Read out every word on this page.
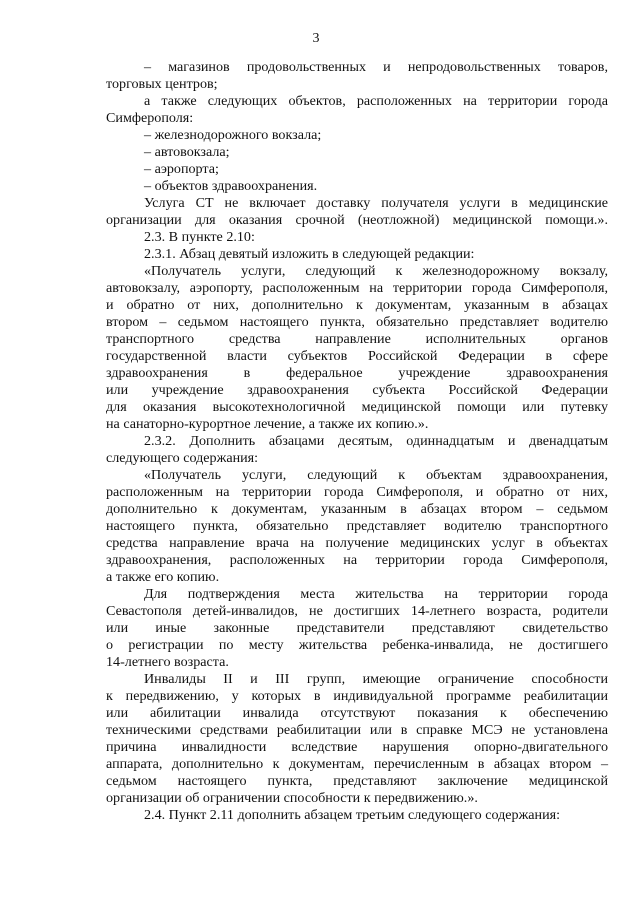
3
– магазинов продовольственных и непродовольственных товаров,
торговых центров;
а также следующих объектов, расположенных на территории города
Симферополя:
– железнодорожного вокзала;
– автовокзала;
– аэропорта;
– объектов здравоохранения.
Услуга СТ не включает доставку получателя услуги в медицинские
организации для оказания срочной (неотложной) медицинской помощи.».
2.3. В пункте 2.10:
2.3.1. Абзац девятый изложить в следующей редакции:
«Получатель услуги, следующий к железнодорожному вокзалу,
автовокзалу, аэропорту, расположенным на территории города Симферополя,
и обратно от них, дополнительно к документам, указанным в абзацах
втором – седьмом настоящего пункта, обязательно представляет водителю
транспортного средства направление исполнительных органов
государственной власти субъектов Российской Федерации в сфере
здравоохранения в федеральное учреждение здравоохранения
или учреждение здравоохранения субъекта Российской Федерации
для оказания высокотехнологичной медицинской помощи или путевку
на санаторно-курортное лечение, а также их копию.».
2.3.2. Дополнить абзацами десятым, одиннадцатым и двенадцатым
следующего содержания:
«Получатель услуги, следующий к объектам здравоохранения,
расположенным на территории города Симферополя, и обратно от них,
дополнительно к документам, указанным в абзацах втором – седьмом
настоящего пункта, обязательно представляет водителю транспортного
средства направление врача на получение медицинских услуг в объектах
здравоохранения, расположенных на территории города Симферополя,
а также его копию.
Для подтверждения места жительства на территории города
Севастополя детей-инвалидов, не достигших 14-летнего возраста, родители
или иные законные представители представляют свидетельство
о регистрации по месту жительства ребенка-инвалида, не достигшего
14-летнего возраста.
Инвалиды II и III групп, имеющие ограничение способности
к передвижению, у которых в индивидуальной программе реабилитации
или абилитации инвалида отсутствуют показания к обеспечению
техническими средствами реабилитации или в справке МСЭ не установлена
причина инвалидности вследствие нарушения опорно-двигательного
аппарата, дополнительно к документам, перечисленным в абзацах втором –
седьмом настоящего пункта, представляют заключение медицинской
организации об ограничении способности к передвижению.».
2.4. Пункт 2.11 дополнить абзацем третьим следующего содержания:
